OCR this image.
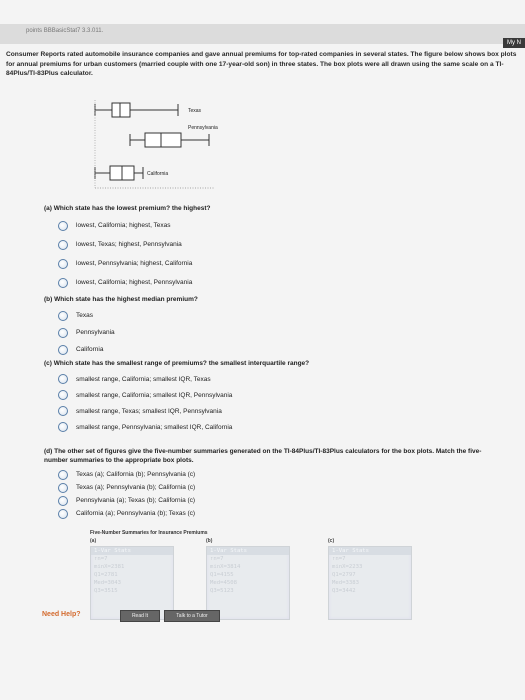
points BBBasicStat7 3.3.011.
My N
Consumer Reports rated automobile insurance companies and gave annual premiums for top-rated companies in several states. The figure below shows box plots for annual premiums for urban customers (married couple with one 17-year-old son) in three states. The box plots were all drawn using the same scale on a TI-84Plus/TI-83Plus calculator.
Texas
Pennsylvania
California
(a) Which state has the lowest premium? the highest?
lowest, California; highest, Texas
lowest, Texas; highest, Pennsylvania
lowest, Pennsylvania; highest, California
lowest, California; highest, Pennsylvania
(b) Which state has the highest median premium?
Texas
Pennsylvania
California
(c) Which state has the smallest range of premiums? the smallest interquartile range?
smallest range, California; smallest IQR, Texas
smallest range, California; smallest IQR, Pennsylvania
smallest range, Texas; smallest IQR, Pennsylvania
smallest range, Pennsylvania; smallest IQR, California
(d) The other set of figures give the five-number summaries generated on the TI-84Plus/TI-83Plus calculators for the box plots. Match the five-number summaries to the appropriate box plots.
Texas (a); California (b); Pennsylvania (c)
Texas (a); Pennsylvania (b); California (c)
Pennsylvania (a); Texas (b); California (c)
California (a); Pennsylvania (b); Texas (c)
Five-Number Summaries for Insurance Premiums
(a)	(b)	(c)
1-Var Stats
↑n=7
minX=2381
Q1=2781
Med=3043
Q3=3515
1-Var Stats
↑n=7
minX=3814
Q1=4155
Med=4508
Q3=5123
1-Var Stats
↑n=7
minX=2233
Q1=2797
Med=3383
Q3=3442
Need Help?	Read It	Talk to a Tutor
